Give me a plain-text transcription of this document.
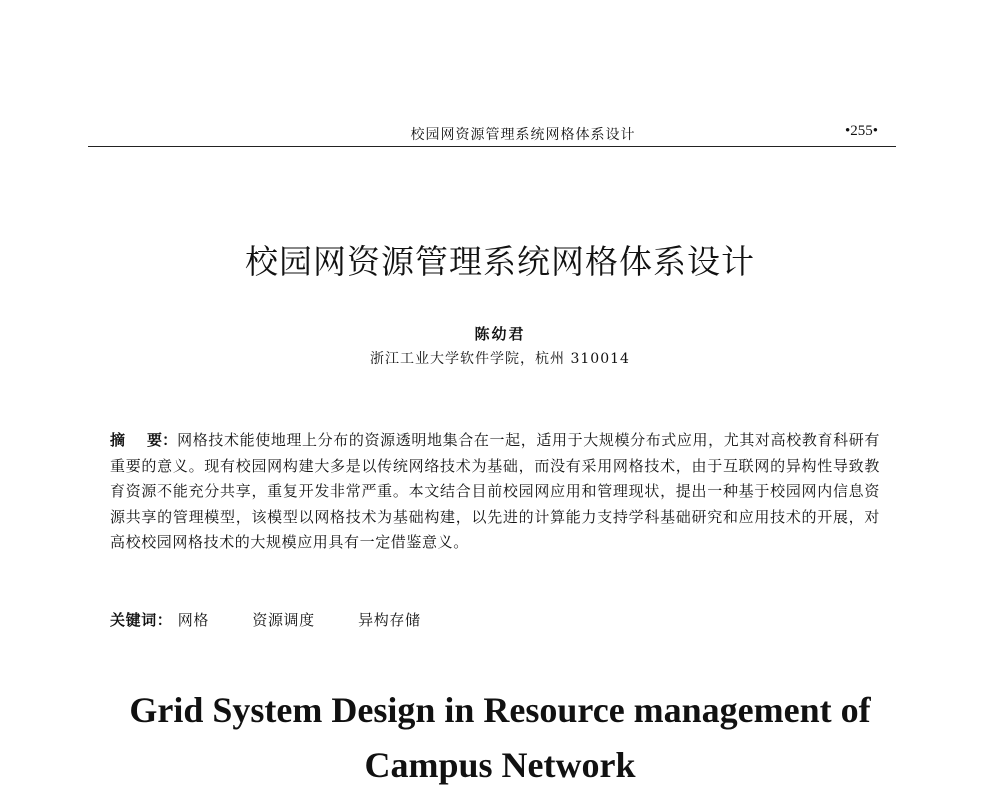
校园网资源管理系统网格体系设计	•255•
校园网资源管理系统网格体系设计
陈幼君
浙江工业大学软件学院，杭州 310014
摘 要：网格技术能使地理上分布的资源透明地集合在一起，适用于大规模分布式应用，尤其对高校教育科研有重要的意义。现有校园网构建大多是以传统网络技术为基础，而没有采用网格技术，由于互联网的异构性导致教育资源不能充分共享，重复开发非常严重。本文结合目前校园网应用和管理现状，提出一种基于校园网内信息资源共享的管理模型，该模型以网格技术为基础构建，以先进的计算能力支持学科基础研究和应用技术的开展，对高校校园网格技术的大规模应用具有一定借鉴意义。
关键词： 网格	资源调度	异构存储
Grid System Design in Resource management of
Campus Network
